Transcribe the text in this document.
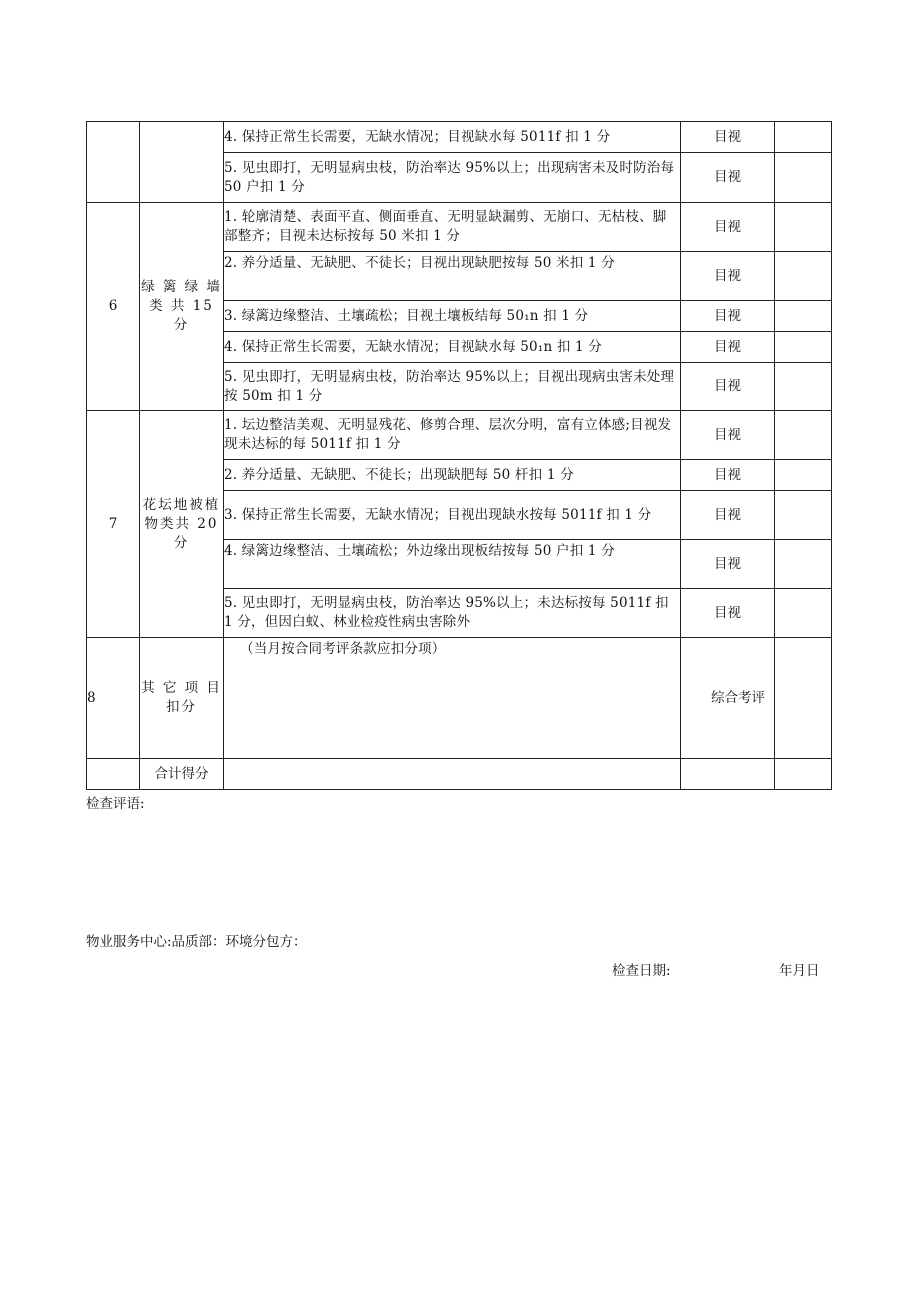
		4. 保持正常生长需要，无缺水情况；目视缺水每 5011f 扣 1 分	目视	
		5. 见虫即打，无明显病虫枝，防治率达 95%以上；出现病害未及时防治每 50 户扣 1 分	目视	
6	绿 篱 绿 墙 类 共 15 分	1. 轮廓清楚、表面平直、侧面垂直、无明显缺漏剪、无崩口、无枯枝、脚部整齐；目视未达标按每 50 米扣 1 分	目视	
		2. 养分适量、无缺肥、不徒长；目视出现缺肥按每 50 米扣 1 分	目视	
		3. 绿篱边缘整洁、土壤疏松；目视土壤板结每 50₁n 扣 1 分	目视	
		4. 保持正常生长需要，无缺水情况；目视缺水每 50₁n 扣 1 分	目视	
		5. 见虫即打，无明显病虫枝，防治率达 95%以上；目视出现病虫害未处理按 50m 扣 1 分	目视	
7	花坛地被植物类共 20 分	1. 坛边整洁美观、无明显残花、修剪合理、层次分明，富有立体感;目视发现未达标的每 5011f 扣 1 分	目视	
		2. 养分适量、无缺肥、不徒长；出现缺肥每 50 杆扣 1 分	目视	
		3. 保持正常生长需要，无缺水情况；目视出现缺水按每 5011f 扣 1 分	目视	
		4. 绿篱边缘整洁、土壤疏松；外边缘出现板结按每 50 户扣 1 分	目视	
		5. 见虫即打，无明显病虫枝，防治率达 95%以上；未达标按每 5011f 扣 1 分，但因白蚁、林业检疫性病虫害除外	目视	
8	其 它 项 目扣分	（当月按合同考评条款应扣分项）	综合考评	
	合计得分			
检查评语:
物业服务中心:品质部：环境分包方：
检查日期:	年月日
